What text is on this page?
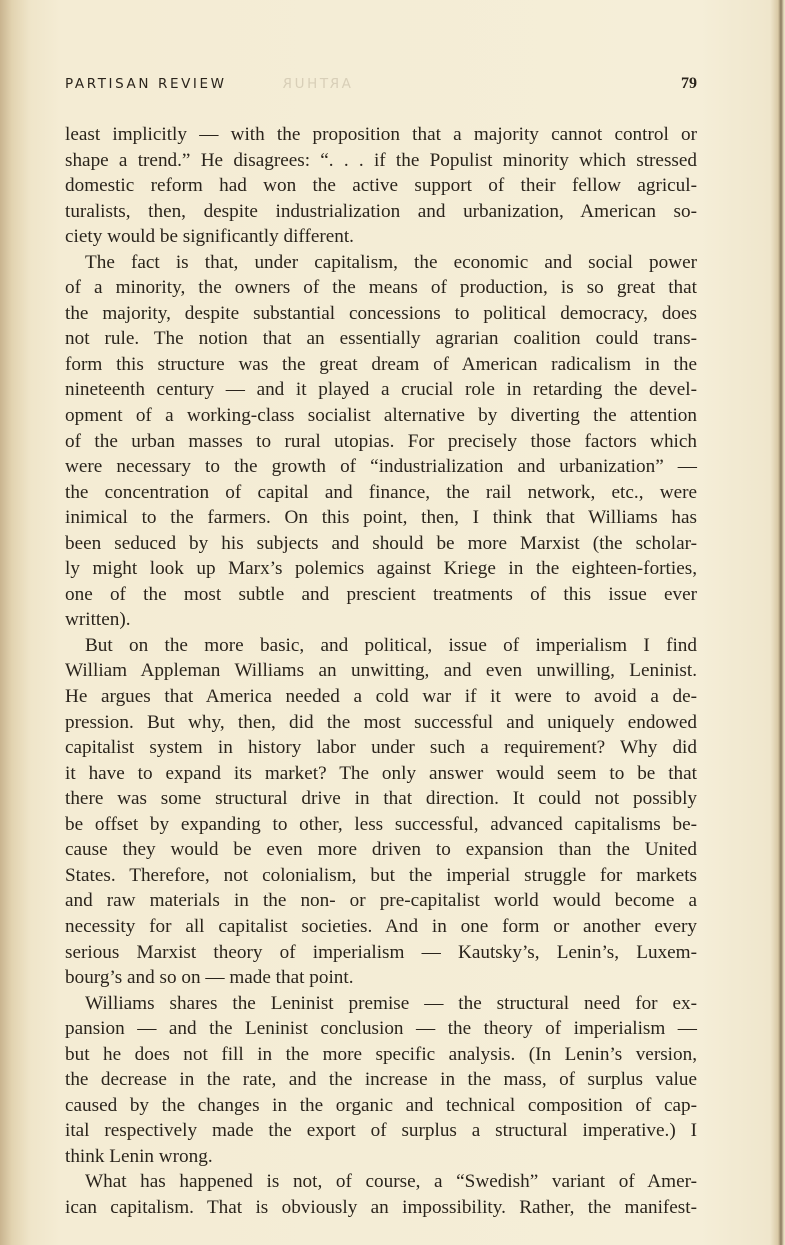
PARTISAN REVIEW	ARTHUR	79
least implicitly — with the proposition that a majority cannot control or
shape a trend.” He disagrees: “. . . if the Populist minority which stressed
domestic reform had won the active support of their fellow agricul-
turalists, then, despite industrialization and urbanization, American so-
ciety would be significantly different.
The fact is that, under capitalism, the economic and social power
of a minority, the owners of the means of production, is so great that
the majority, despite substantial concessions to political democracy, does
not rule. The notion that an essentially agrarian coalition could trans-
form this structure was the great dream of American radicalism in the
nineteenth century — and it played a crucial role in retarding the devel-
opment of a working-class socialist alternative by diverting the attention
of the urban masses to rural utopias. For precisely those factors which
were necessary to the growth of “industrialization and urbanization” —
the concentration of capital and finance, the rail network, etc., were
inimical to the farmers. On this point, then, I think that Williams has
been seduced by his subjects and should be more Marxist (the scholar-
ly might look up Marx’s polemics against Kriege in the eighteen-forties,
one of the most subtle and prescient treatments of this issue ever
written).
But on the more basic, and political, issue of imperialism I find
William Appleman Williams an unwitting, and even unwilling, Leninist.
He argues that America needed a cold war if it were to avoid a de-
pression. But why, then, did the most successful and uniquely endowed
capitalist system in history labor under such a requirement? Why did
it have to expand its market? The only answer would seem to be that
there was some structural drive in that direction. It could not possibly
be offset by expanding to other, less successful, advanced capitalisms be-
cause they would be even more driven to expansion than the United
States. Therefore, not colonialism, but the imperial struggle for markets
and raw materials in the non- or pre-capitalist world would become a
necessity for all capitalist societies. And in one form or another every
serious Marxist theory of imperialism — Kautsky’s, Lenin’s, Luxem-
bourg’s and so on — made that point.
Williams shares the Leninist premise — the structural need for ex-
pansion — and the Leninist conclusion — the theory of imperialism —
but he does not fill in the more specific analysis. (In Lenin’s version,
the decrease in the rate, and the increase in the mass, of surplus value
caused by the changes in the organic and technical composition of cap-
ital respectively made the export of surplus a structural imperative.) I
think Lenin wrong.
What has happened is not, of course, a “Swedish” variant of Amer-
ican capitalism. That is obviously an impossibility. Rather, the manifest-
